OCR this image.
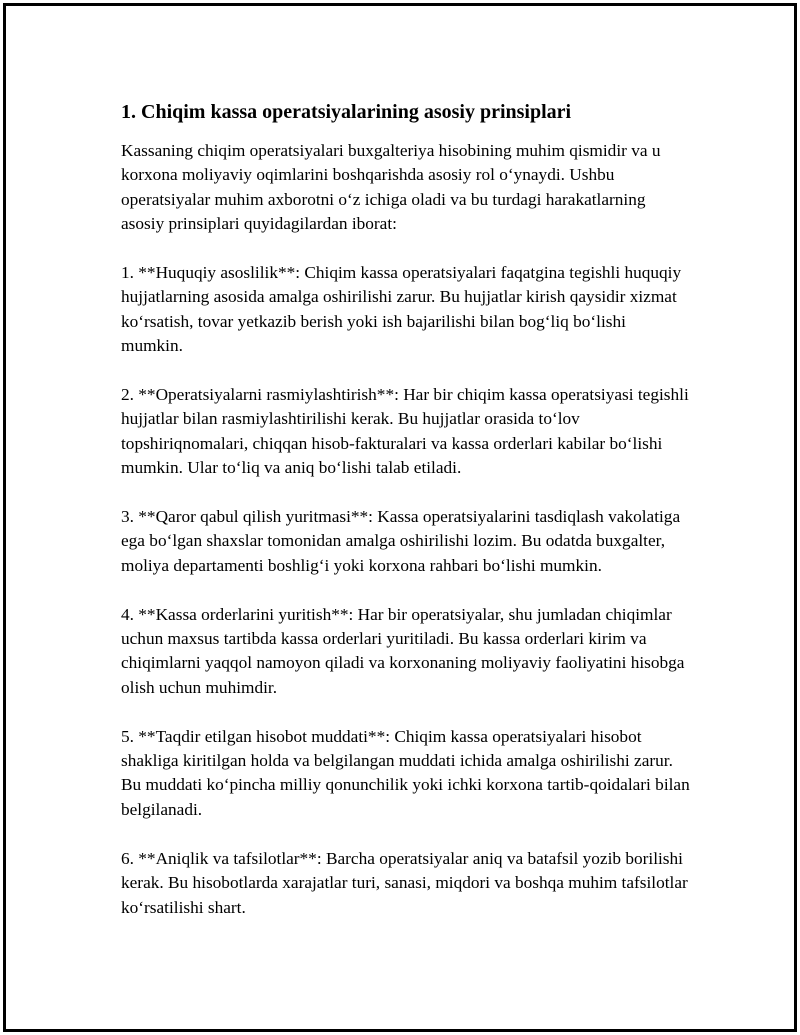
1. Chiqim kassa operatsiyalarining asosiy prinsiplari

Kassaning chiqim operatsiyalari buxgalteriya hisobining muhim qismidir va u korxona moliyaviy oqimlarini boshqarishda asosiy rol o‘ynaydi. Ushbu operatsiyalar muhim axborotni o‘z ichiga oladi va bu turdagi harakatlarning asosiy prinsiplari quyidagilardan iborat:

1. **Huquqiy asoslilik**: Chiqim kassa operatsiyalari faqatgina tegishli huquqiy hujjatlarning asosida amalga oshirilishi zarur. Bu hujjatlar kirish qaysidir xizmat ko‘rsatish, tovar yetkazib berish yoki ish bajarilishi bilan bog‘liq bo‘lishi mumkin.

2. **Operatsiyalarni rasmiylashtirish**: Har bir chiqim kassa operatsiyasi tegishli hujjatlar bilan rasmiylashtirilishi kerak. Bu hujjatlar orasida to‘lov topshiriqnomalari, chiqqan hisob-fakturalari va kassa orderlari kabilar bo‘lishi mumkin. Ular to‘liq va aniq bo‘lishi talab etiladi.

3. **Qaror qabul qilish yuritmasi**: Kassa operatsiyalarini tasdiqlash vakolatiga ega bo‘lgan shaxslar tomonidan amalga oshirilishi lozim. Bu odatda buxgalter, moliya departamenti boshlig‘i yoki korxona rahbari bo‘lishi mumkin.

4. **Kassa orderlarini yuritish**: Har bir operatsiyalar, shu jumladan chiqimlar uchun maxsus tartibda kassa orderlari yuritiladi. Bu kassa orderlari kirim va chiqimlarni yaqqol namoyon qiladi va korxonaning moliyaviy faoliyatini hisobga olish uchun muhimdir.

5. **Taqdir etilgan hisobot muddati**: Chiqim kassa operatsiyalari hisobot shakliga kiritilgan holda va belgilangan muddati ichida amalga oshirilishi zarur. Bu muddati ko‘pincha milliy qonunchilik yoki ichki korxona tartib-qoidalari bilan belgilanadi.

6. **Aniqlik va tafsilotlar**: Barcha operatsiyalar aniq va batafsil yozib borilishi kerak. Bu hisobotlarda xarajatlar turi, sanasi, miqdori va boshqa muhim tafsilotlar ko‘rsatilishi shart.
